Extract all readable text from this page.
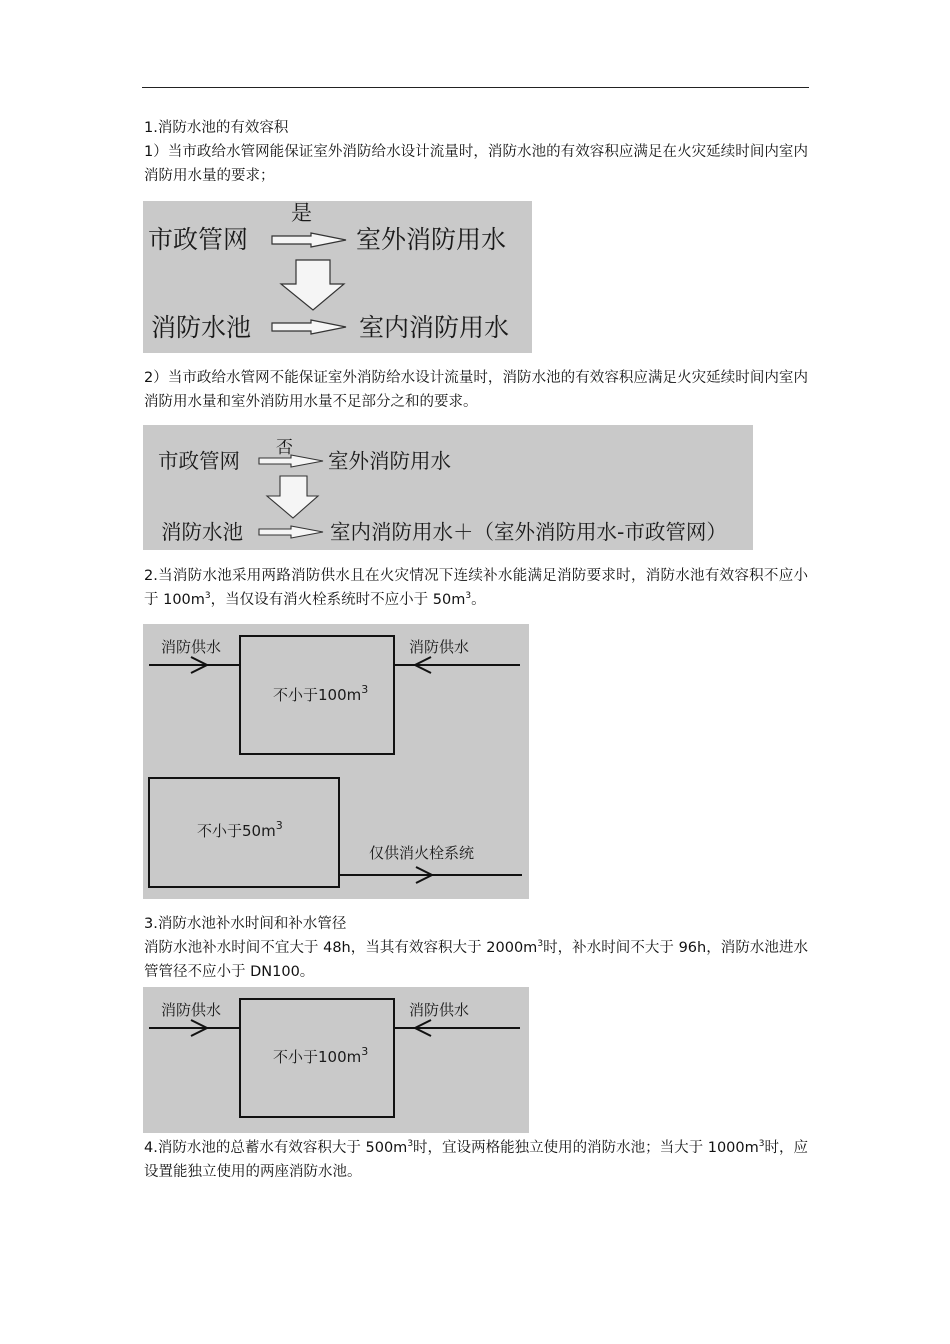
1.消防水池的有效容积

1）当市政给水管网能保证室外消防给水设计流量时，消防水池的有效容积应满足在火灾延续时间内室内消防用水量的要求；

市政管网
是
室外消防用水
消防水池	室内消防用水

2）当市政给水管网不能保证室外消防给水设计流量时，消防水池的有效容积应满足火灾延续时间内室内消防用水量和室外消防用水量不足部分之和的要求。

市政管网
否
室外消防用水
消防水池	室内消防用水＋（室外消防用水-市政管网）

2.当消防水池采用两路消防供水且在火灾情况下连续补水能满足消防要求时，消防水池有效容积不应小于 $100m^3$，当仅设有消火栓系统时不应小于 $50m^3$。

消防供水
不小于$100m^3$
消防供水
不小于$50m^3$
仅供消火栓系统

3.消防水池补水时间和补水管径

消防水池补水时间不宜大于 48h，当其有效容积大于 $2000m^3$时，补水时间不大于 96h，消防水池进水管管径不应小于 DN100。

消防供水
不小于$100m^3$
消防供水

4.消防水池的总蓄水有效容积大于 $500m^3$时，宜设两格能独立使用的消防水池；当大于 $1000m^3$时，应设置能独立使用的两座消防水池。
